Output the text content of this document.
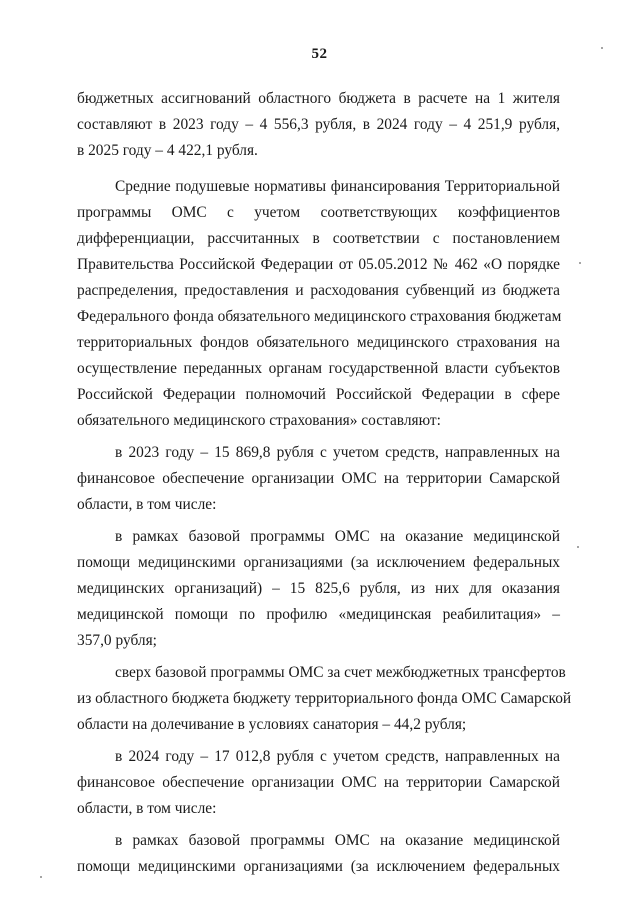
52
бюджетных ассигнований областного бюджета в расчете на 1 жителя
составляют в 2023 году – 4 556,3 рубля, в 2024 году – 4 251,9 рубля,
в 2025 году – 4 422,1 рубля.
Средние подушевые нормативы финансирования Территориальной
программы ОМС с учетом соответствующих коэффициентов
дифференциации, рассчитанных в соответствии с постановлением
Правительства Российской Федерации от 05.05.2012 № 462 «О порядке
распределения, предоставления и расходования субвенций из бюджета
Федерального фонда обязательного медицинского страхования бюджетам
территориальных фондов обязательного медицинского страхования на
осуществление переданных органам государственной власти субъектов
Российской Федерации полномочий Российской Федерации в сфере
обязательного медицинского страхования» составляют:
в 2023 году – 15 869,8 рубля с учетом средств, направленных на
финансовое обеспечение организации ОМС на территории Самарской
области, в том числе:
в рамках базовой программы ОМС на оказание медицинской
помощи медицинскими организациями (за исключением федеральных
медицинских организаций) – 15 825,6 рубля, из них для оказания
медицинской помощи по профилю «медицинская реабилитация» –
357,0 рубля;
сверх базовой программы ОМС за счет межбюджетных трансфертов
из областного бюджета бюджету территориального фонда ОМС Самарской
области на долечивание в условиях санатория – 44,2 рубля;
в 2024 году – 17 012,8 рубля с учетом средств, направленных на
финансовое обеспечение организации ОМС на территории Самарской
области, в том числе:
в рамках базовой программы ОМС на оказание медицинской
помощи медицинскими организациями (за исключением федеральных
